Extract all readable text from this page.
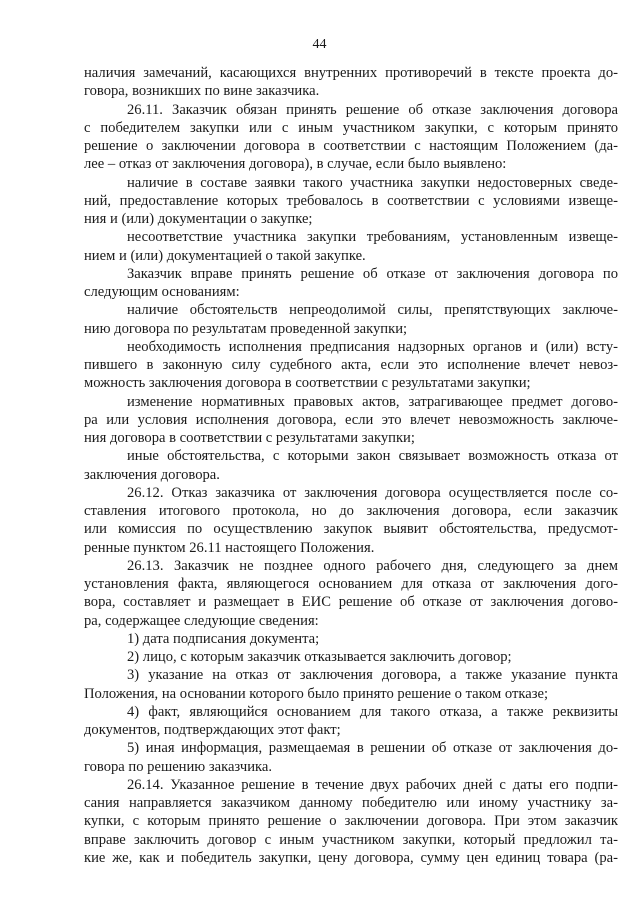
44
наличия замечаний, касающихся внутренних противоречий в тексте проекта до-
говора, возникших по вине заказчика.
26.11. Заказчик обязан принять решение об отказе заключения договора
с победителем закупки или с иным участником закупки, с которым принято
решение о заключении договора в соответствии с настоящим Положением (да-
лее – отказ от заключения договора), в случае, если было выявлено:
наличие в составе заявки такого участника закупки недостоверных сведе-
ний, предоставление которых требовалось в соответствии с условиями извеще-
ния и (или) документации о закупке;
несоответствие участника закупки требованиям, установленным извеще-
нием и (или) документацией о такой закупке.
Заказчик вправе принять решение об отказе от заключения договора по
следующим основаниям:
наличие обстоятельств непреодолимой силы, препятствующих заключе-
нию договора по результатам проведенной закупки;
необходимость исполнения предписания надзорных органов и (или) всту-
пившего в законную силу судебного акта, если это исполнение влечет невоз-
можность заключения договора в соответствии с результатами закупки;
изменение нормативных правовых актов, затрагивающее предмет догово-
ра или условия исполнения договора, если это влечет невозможность заключе-
ния договора в соответствии с результатами закупки;
иные обстоятельства, с которыми закон связывает возможность отказа от
заключения договора.
26.12. Отказ заказчика от заключения договора осуществляется после со-
ставления итогового протокола, но до заключения договора, если заказчик
или комиссия по осуществлению закупок выявит обстоятельства, предусмот-
ренные пунктом 26.11 настоящего Положения.
26.13. Заказчик не позднее одного рабочего дня, следующего за днем
установления факта, являющегося основанием для отказа от заключения дого-
вора, составляет и размещает в ЕИС решение об отказе от заключения догово-
ра, содержащее следующие сведения:
1) дата подписания документа;
2) лицо, с которым заказчик отказывается заключить договор;
3) указание на отказ от заключения договора, а также указание пункта
Положения, на основании которого было принято решение о таком отказе;
4) факт, являющийся основанием для такого отказа, а также реквизиты
документов, подтверждающих этот факт;
5) иная информация, размещаемая в решении об отказе от заключения до-
говора по решению заказчика.
26.14. Указанное решение в течение двух рабочих дней с даты его подпи-
сания направляется заказчиком данному победителю или иному участнику за-
купки, с которым принято решение о заключении договора. При этом заказчик
вправе заключить договор с иным участником закупки, который предложил та-
кие же, как и победитель закупки, цену договора, сумму цен единиц товара (ра-
